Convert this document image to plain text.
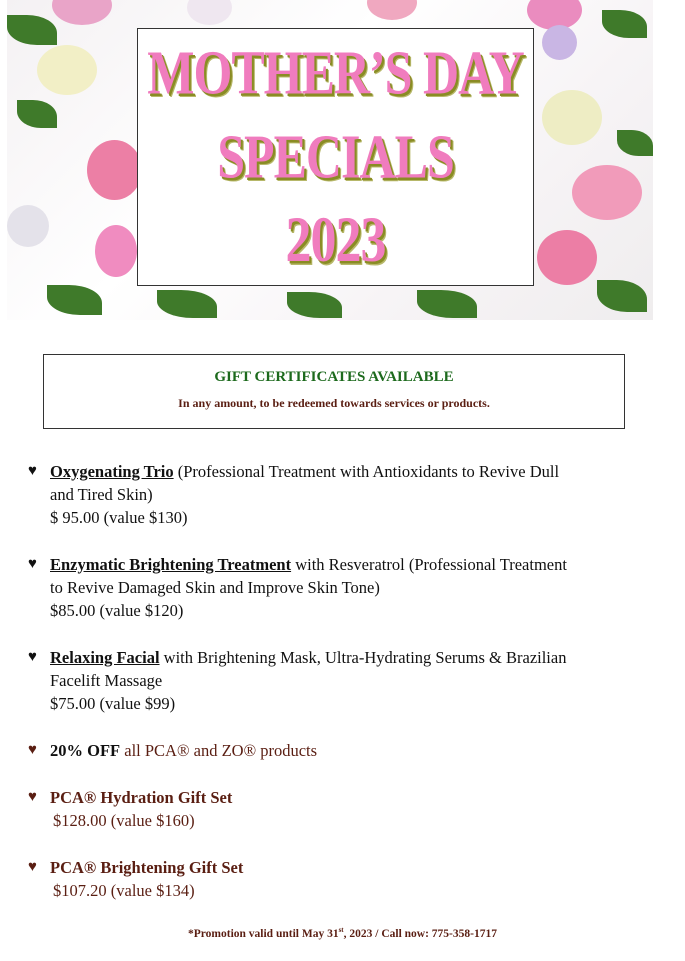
MOTHER’S DAY
SPECIALS
2023
GIFT CERTIFICATES AVAILABLE
In any amount, to be redeemed towards services or products.
♥ Oxygenating Trio (Professional Treatment with Antioxidants to Revive Dull
and Tired Skin)
$ 95.00 (value $130)
♥ Enzymatic Brightening Treatment with Resveratrol (Professional Treatment
to Revive Damaged Skin and Improve Skin Tone)
$85.00 (value $120)
♥ Relaxing Facial with Brightening Mask, Ultra-Hydrating Serums & Brazilian
Facelift Massage
$75.00 (value $99)
♥ 20% OFF all PCA® and ZO® products
♥ PCA® Hydration Gift Set
$128.00 (value $160)
♥ PCA® Brightening Gift Set
$107.20 (value $134)
*Promotion valid until May 31st, 2023 / Call now: 775-358-1717
